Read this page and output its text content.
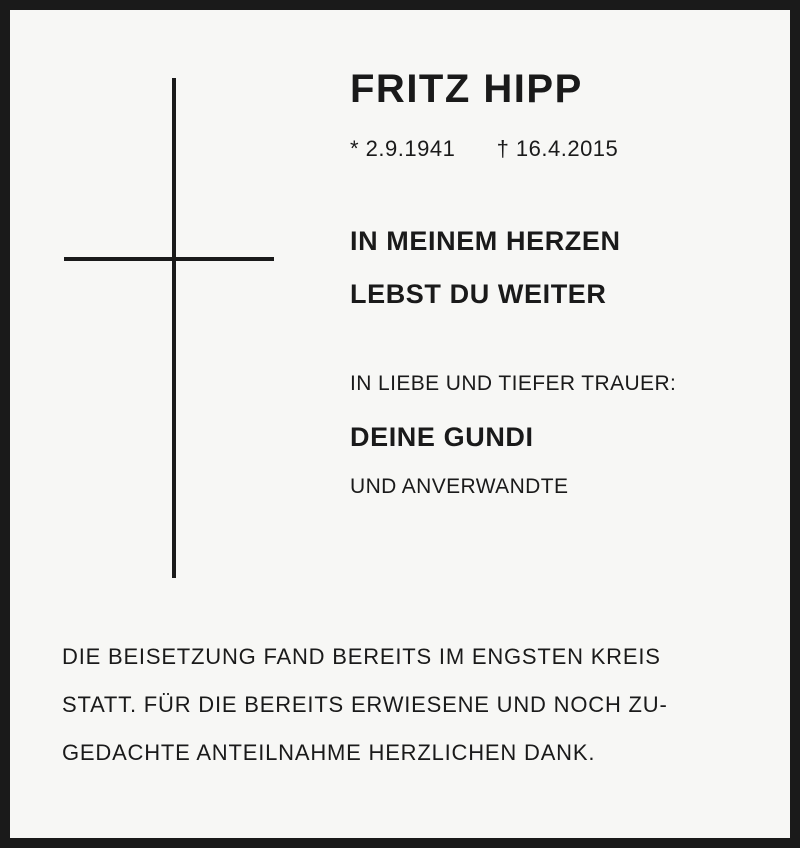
FRITZ HIPP
* 2.9.1941 † 16.4.2015
IN MEINEM HERZEN
LEBST DU WEITER
IN LIEBE UND TIEFER TRAUER:
DEINE GUNDI
UND ANVERWANDTE
DIE BEISETZUNG FAND BEREITS IM ENGSTEN KREIS
STATT. FÜR DIE BEREITS ERWIESENE UND NOCH ZU-
GEDACHTE ANTEILNAHME HERZLICHEN DANK.
